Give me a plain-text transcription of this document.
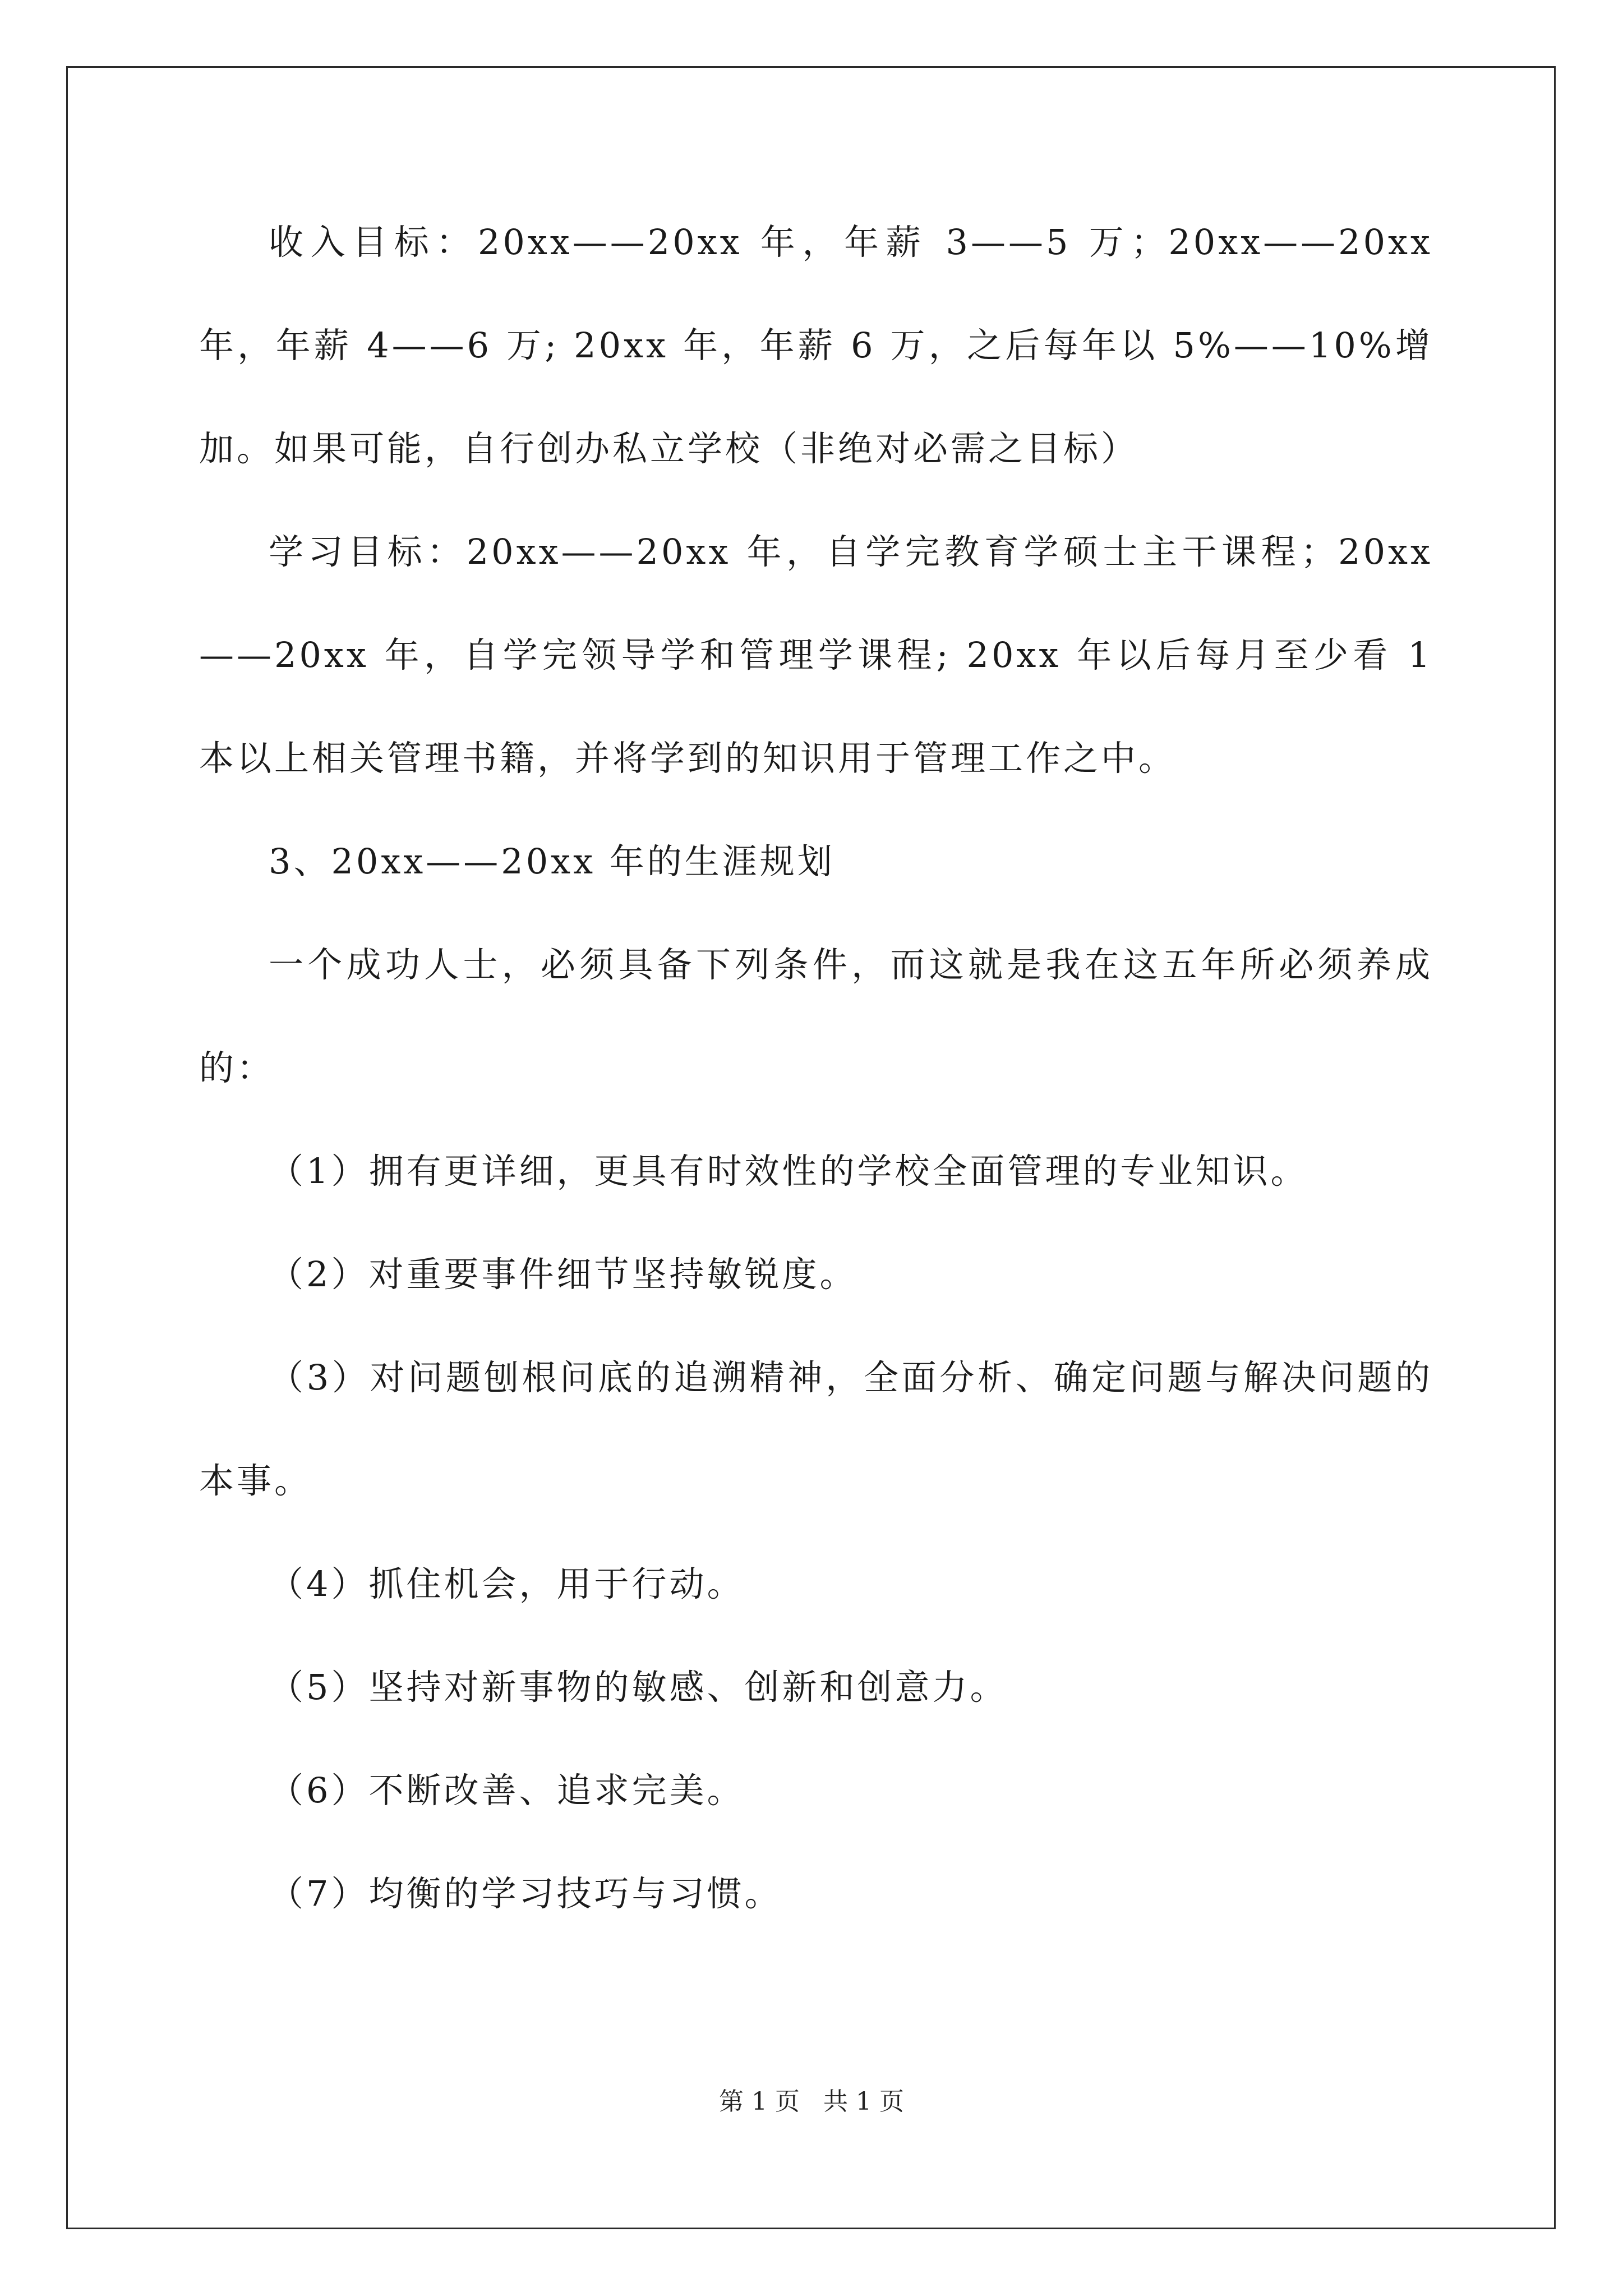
收入目标：20xx——20xx 年，年薪 3——5 万；20xx——20xx 年，年薪 4——6 万; 20xx 年，年薪 6 万，之后每年以 5%——10%增加。如果可能，自行创办私立学校（非绝对必需之目标）

学习目标：20xx——20xx 年，自学完教育学硕士主干课程；20xx——20xx 年，自学完领导学和管理学课程; 20xx 年以后每月至少看 1 本以上相关管理书籍，并将学到的知识用于管理工作之中。

3、20xx——20xx 年的生涯规划

一个成功人士，必须具备下列条件，而这就是我在这五年所必须养成的：

（1）拥有更详细，更具有时效性的学校全面管理的专业知识。

（2）对重要事件细节坚持敏锐度。

（3）对问题刨根问底的追溯精神，全面分析、确定问题与解决问题的本事。

（4）抓住机会，用于行动。

（5）坚持对新事物的敏感、创新和创意力。

（6）不断改善、追求完美。

（7）均衡的学习技巧与习惯。

第 1 页 共 1 页
